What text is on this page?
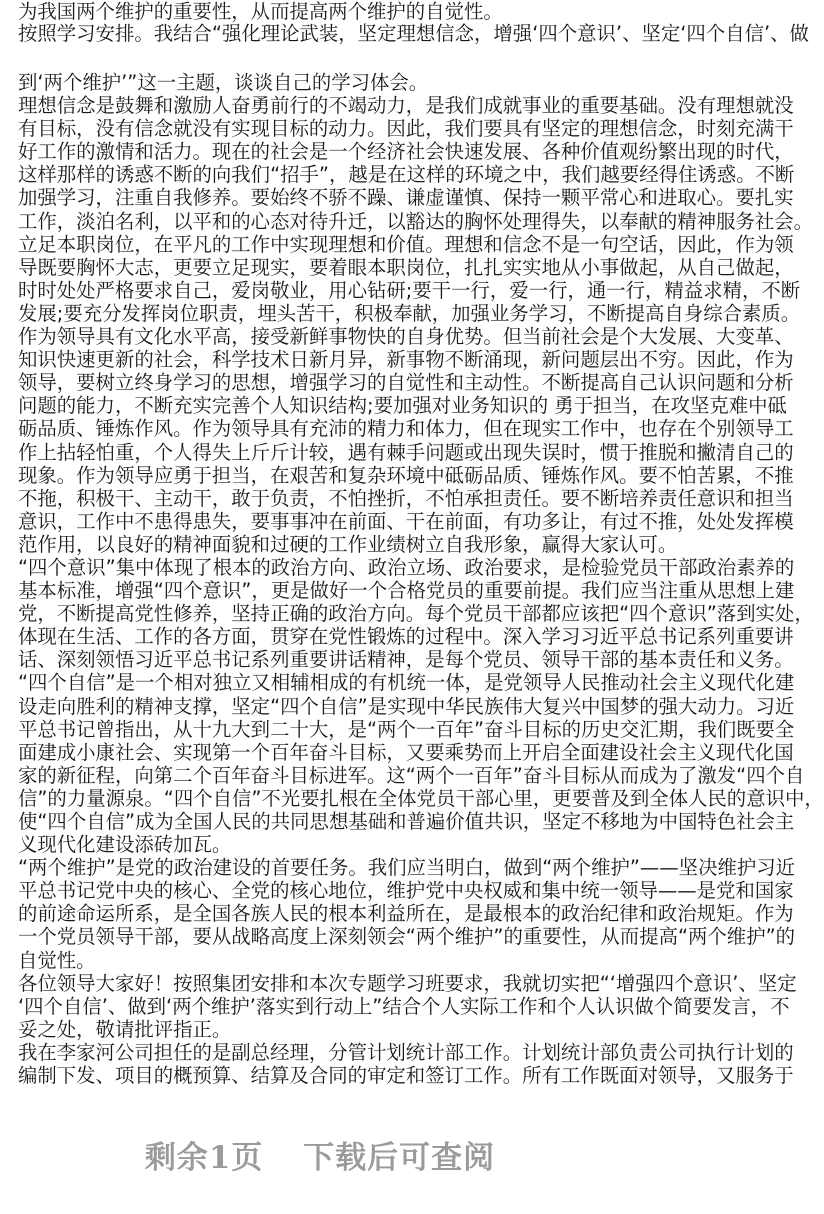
为我国两个维护的重要性，从而提高两个维护的自觉性。
按照学习安排。我结合“强化理论武装，坚定理想信念，增强‘四个意识’、坚定‘四个自信’、做
到‘两个维护’”这一主题，谈谈自己的学习体会。
理想信念是鼓舞和激励人奋勇前行的不竭动力，是我们成就事业的重要基础。没有理想就没
有目标，没有信念就没有实现目标的动力。因此，我们要具有坚定的理想信念，时刻充满干
好工作的激情和活力。现在的社会是一个经济社会快速发展、各种价值观纷繁出现的时代，
这样那样的诱惑不断的向我们“招手”，越是在这样的环境之中，我们越要经得住诱惑。不断
加强学习，注重自我修养。要始终不骄不躁、谦虚谨慎、保持一颗平常心和进取心。要扎实
工作，淡泊名利，以平和的心态对待升迁，以豁达的胸怀处理得失，以奉献的精神服务社会。
立足本职岗位，在平凡的工作中实现理想和价值。理想和信念不是一句空话，因此，作为领
导既要胸怀大志，更要立足现实，要着眼本职岗位，扎扎实实地从小事做起，从自己做起，
时时处处严格要求自己，爱岗敬业，用心钻研;要干一行，爱一行，通一行，精益求精，不断
发展;要充分发挥岗位职责，埋头苦干，积极奉献，加强业务学习，不断提高自身综合素质。
作为领导具有文化水平高，接受新鲜事物快的自身优势。但当前社会是个大发展、大变革、
知识快速更新的社会，科学技术日新月异，新事物不断涌现，新问题层出不穷。因此，作为
领导，要树立终身学习的思想，增强学习的自觉性和主动性。不断提高自己认识问题和分析
问题的能力，不断充实完善个人知识结构;要加强对业务知识的 勇于担当，在攻坚克难中砥
砺品质、锤炼作风。作为领导具有充沛的精力和体力，但在现实工作中，也存在个别领导工
作上拈轻怕重，个人得失上斤斤计较，遇有棘手问题或出现失误时，惯于推脱和撇清自己的
现象。作为领导应勇于担当，在艰苦和复杂环境中砥砺品质、锤炼作风。要不怕苦累，不推
不拖，积极干、主动干，敢于负责，不怕挫折，不怕承担责任。要不断培养责任意识和担当
意识，工作中不患得患失，要事事冲在前面、干在前面，有功多让，有过不推，处处发挥模
范作用，以良好的精神面貌和过硬的工作业绩树立自我形象，赢得大家认可。
“四个意识”集中体现了根本的政治方向、政治立场、政治要求，是检验党员干部政治素养的
基本标准，增强“四个意识”，更是做好一个合格党员的重要前提。我们应当注重从思想上建
党，不断提高党性修养，坚持正确的政治方向。每个党员干部都应该把“四个意识”落到实处，
体现在生活、工作的各方面，贯穿在党性锻炼的过程中。深入学习习近平总书记系列重要讲
话、深刻领悟习近平总书记系列重要讲话精神，是每个党员、领导干部的基本责任和义务。
“四个自信”是一个相对独立又相辅相成的有机统一体，是党领导人民推动社会主义现代化建
设走向胜利的精神支撑，坚定“四个自信”是实现中华民族伟大复兴中国梦的强大动力。习近
平总书记曾指出，从十九大到二十大，是“两个一百年”奋斗目标的历史交汇期，我们既要全
面建成小康社会、实现第一个百年奋斗目标，又要乘势而上开启全面建设社会主义现代化国
家的新征程，向第二个百年奋斗目标进军。这“两个一百年”奋斗目标从而成为了激发“四个自
信”的力量源泉。“四个自信”不光要扎根在全体党员干部心里，更要普及到全体人民的意识中，
使“四个自信”成为全国人民的共同思想基础和普遍价值共识，坚定不移地为中国特色社会主
义现代化建设添砖加瓦。
“两个维护”是党的政治建设的首要任务。我们应当明白，做到“两个维护”——坚决维护习近
平总书记党中央的核心、全党的核心地位，维护党中央权威和集中统一领导——是党和国家
的前途命运所系，是全国各族人民的根本利益所在，是最根本的政治纪律和政治规矩。作为
一个党员领导干部，要从战略高度上深刻领会“两个维护”的重要性，从而提高“两个维护”的
自觉性。
各位领导大家好！按照集团安排和本次专题学习班要求，我就切实把“‘增强四个意识’、坚定
‘四个自信’、做到‘两个维护’落实到行动上”结合个人实际工作和个人认识做个简要发言，不
妥之处，敬请批评指正。
我在李家河公司担任的是副总经理，分管计划统计部工作。计划统计部负责公司执行计划的
编制下发、项目的概预算、结算及合同的审定和签订工作。所有工作既面对领导，又服务于
剩余1页 下载后可查阅
